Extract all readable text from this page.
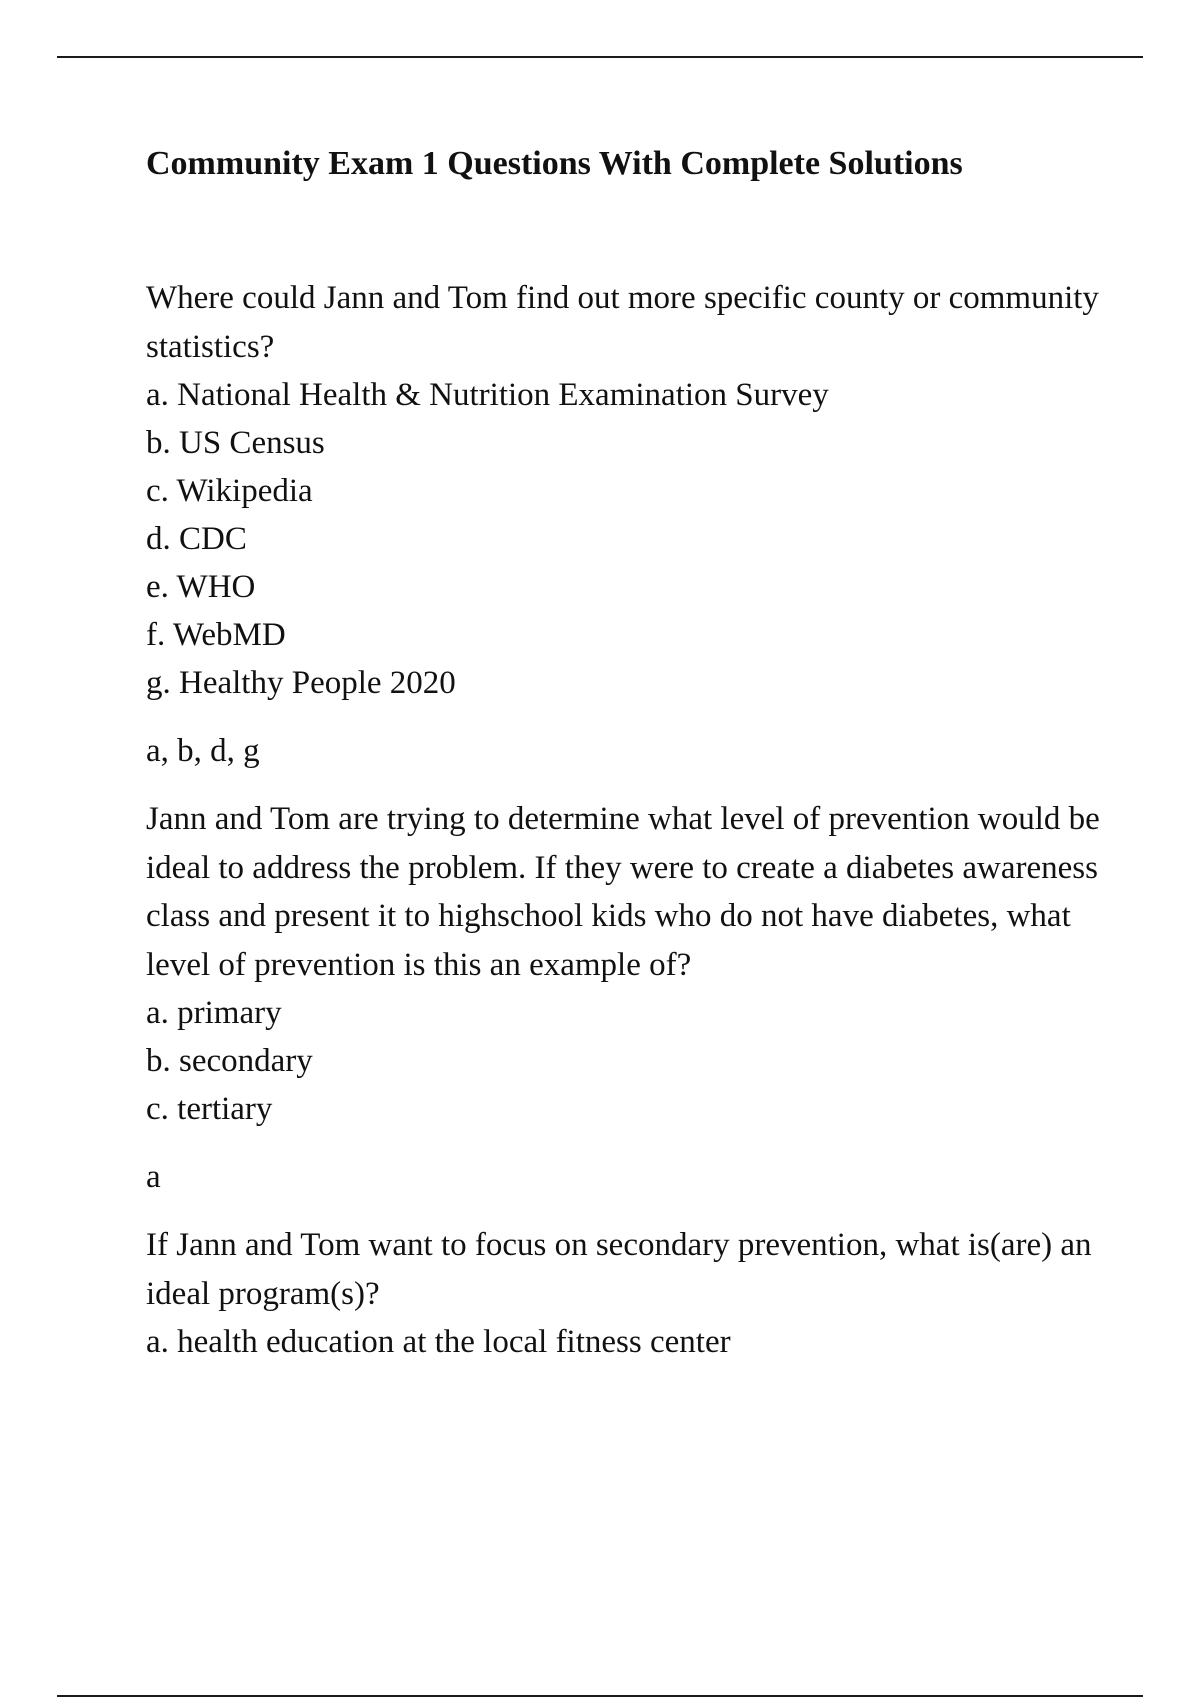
Community Exam 1 Questions With Complete Solutions

Where could Jann and Tom find out more specific county or community statistics?

a. National Health & Nutrition Examination Survey

b. US Census

c. Wikipedia

d. CDC

e. WHO

f. WebMD

g. Healthy People 2020

a, b, d, g

Jann and Tom are trying to determine what level of prevention would be ideal to address the problem. If they were to create a diabetes awareness class and present it to highschool kids who do not have diabetes, what level of prevention is this an example of?

a. primary

b. secondary

c. tertiary

a

If Jann and Tom want to focus on secondary prevention, what is(are) an ideal program(s)?

a. health education at the local fitness center
